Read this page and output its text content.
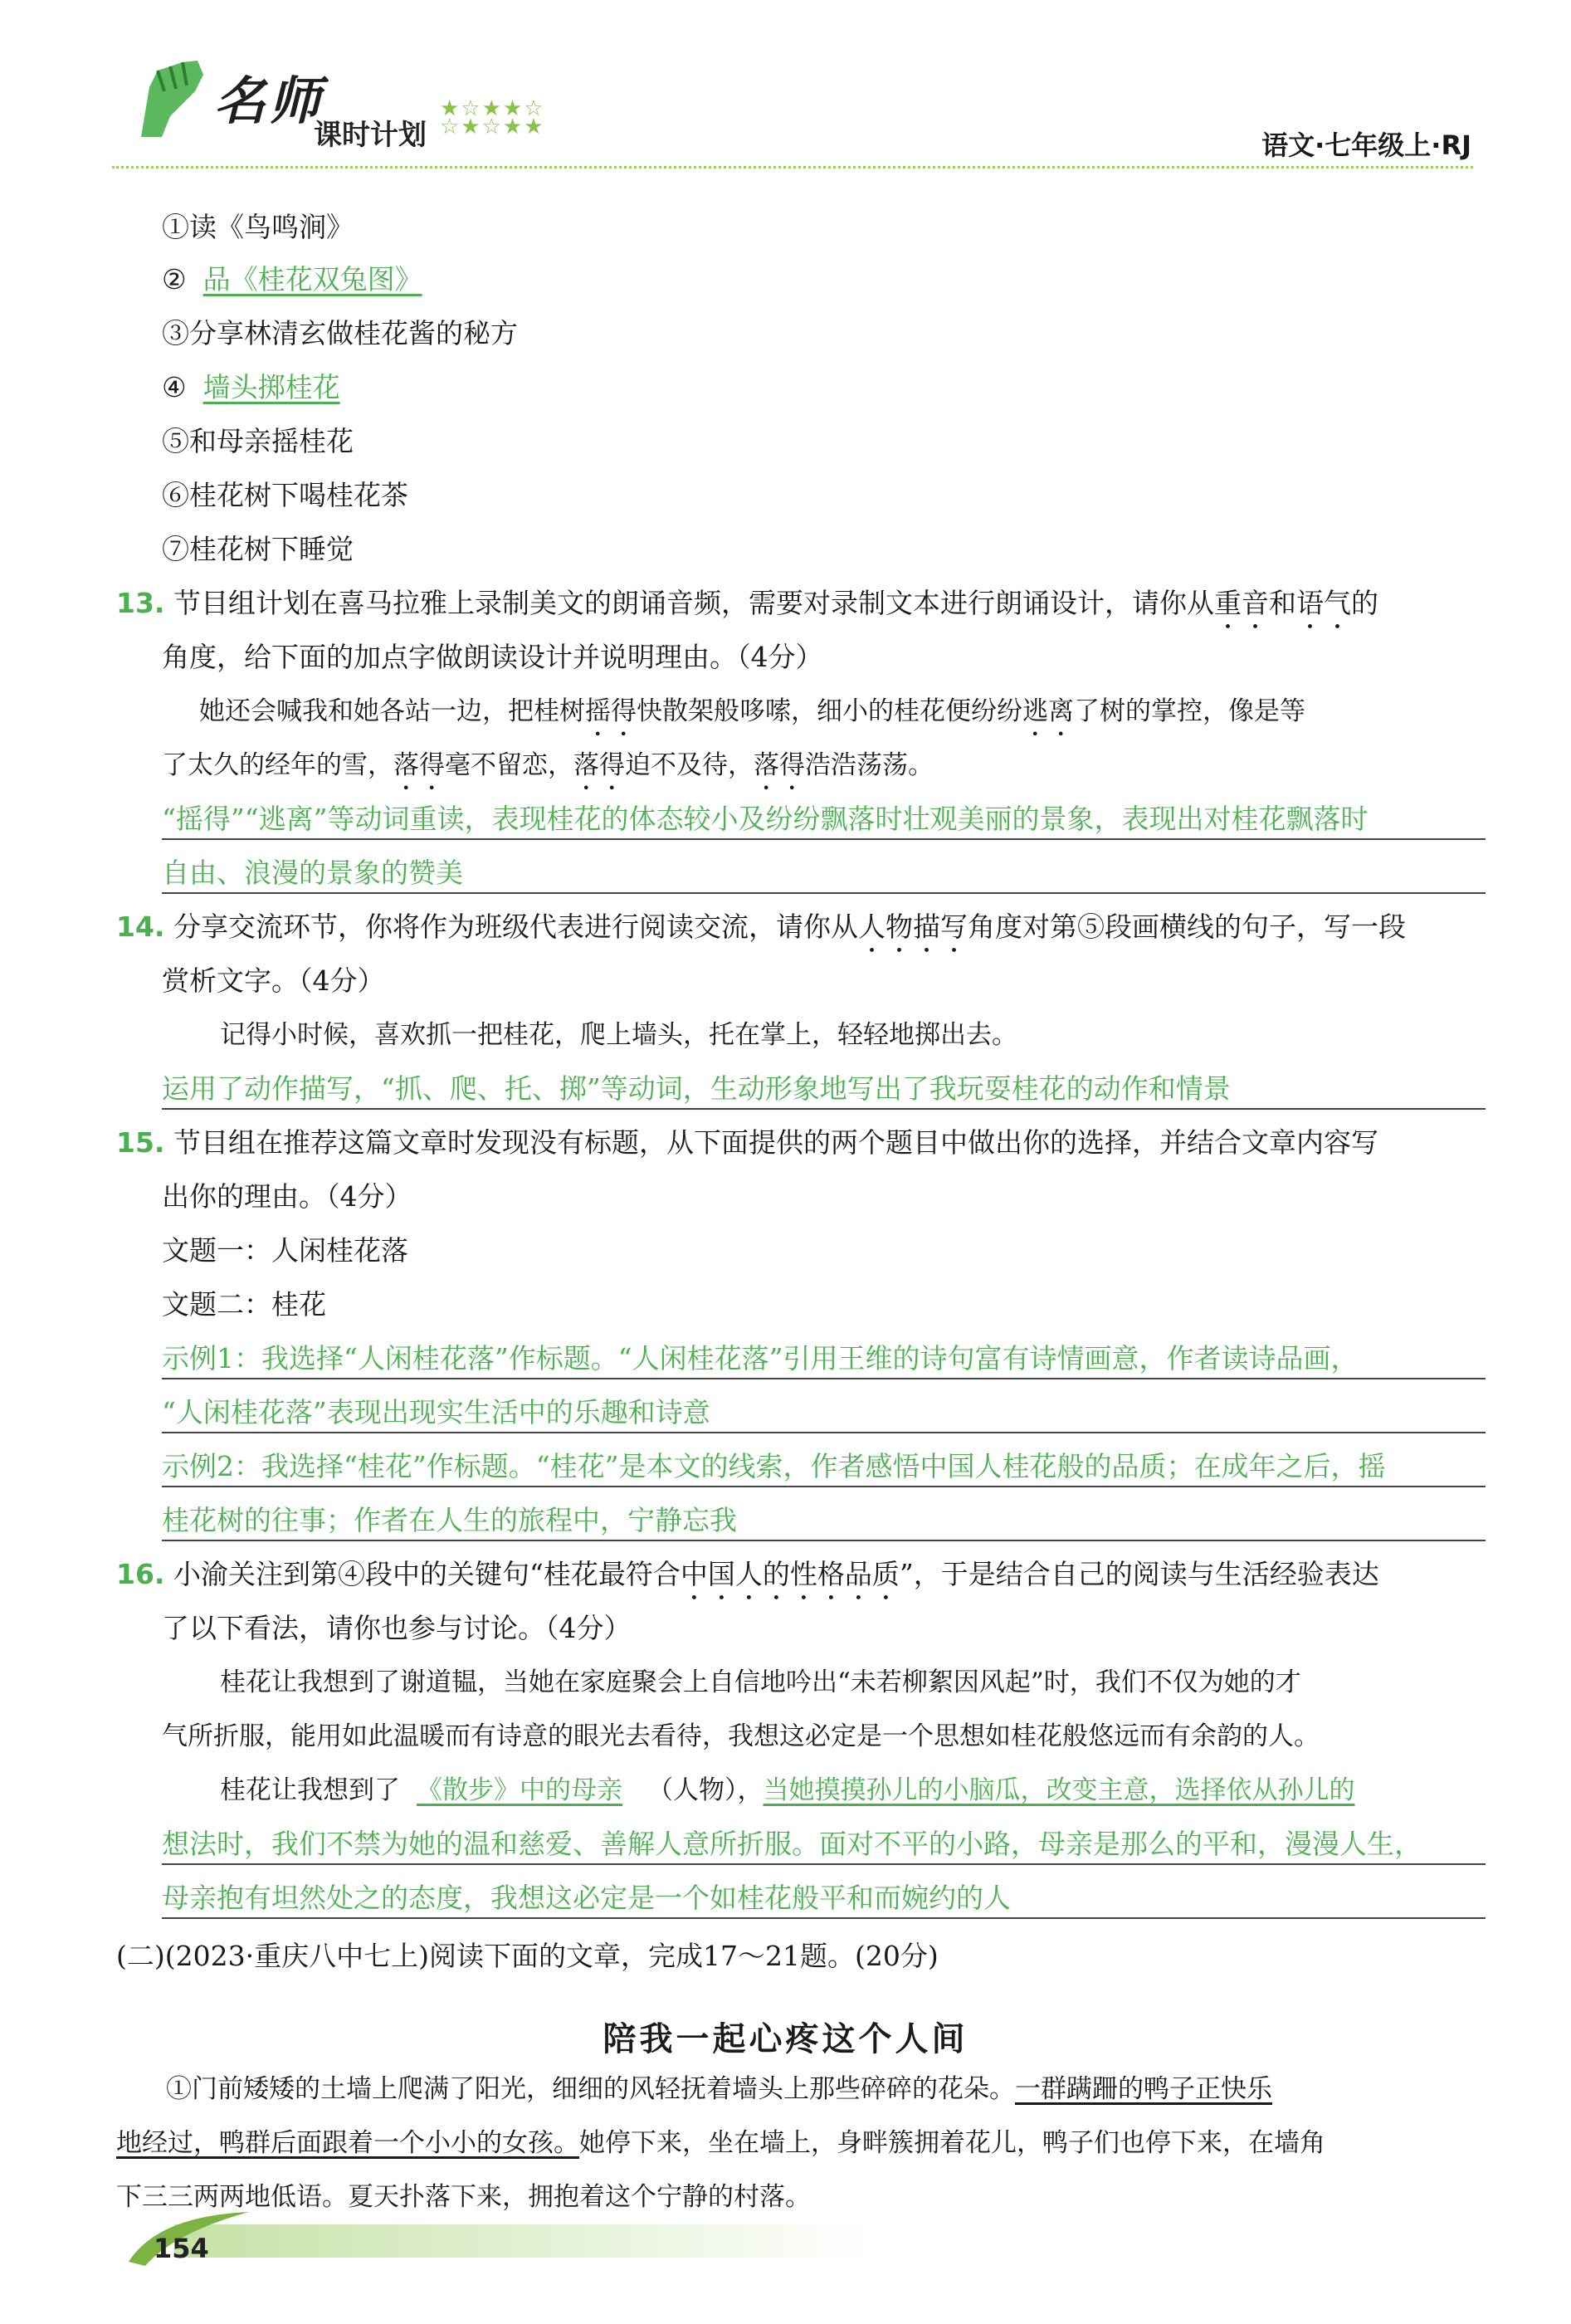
名师
课时计划
★☆★★☆
☆★☆★★
语文·七年级上·RJ
①读《鸟鸣涧》
② 品《桂花双兔图》
③分享林清玄做桂花酱的秘方
④ 墙头掷桂花
⑤和母亲摇桂花
⑥桂花树下喝桂花茶
⑦桂花树下睡觉
13. 节目组计划在喜马拉雅上录制美文的朗诵音频，需要对录制文本进行朗诵设计，请你从重音和语气的
角度，给下面的加点字做朗读设计并说明理由。（4分）
她还会喊我和她各站一边，把桂树摇得快散架般哆嗦，细小的桂花便纷纷逃离了树的掌控，像是等
了太久的经年的雪，落得毫不留恋，落得迫不及待，落得浩浩荡荡。
“摇得”“逃离”等动词重读，表现桂花的体态较小及纷纷飘落时壮观美丽的景象，表现出对桂花飘落时
自由、浪漫的景象的赞美
14. 分享交流环节，你将作为班级代表进行阅读交流，请你从人物描写角度对第⑤段画横线的句子，写一段
赏析文字。（4分）
记得小时候，喜欢抓一把桂花，爬上墙头，托在掌上，轻轻地掷出去。
运用了动作描写，“抓、爬、托、掷”等动词，生动形象地写出了我玩耍桂花的动作和情景
15. 节目组在推荐这篇文章时发现没有标题，从下面提供的两个题目中做出你的选择，并结合文章内容写
出你的理由。（4分）
文题一：人闲桂花落
文题二：桂花
示例1：我选择“人闲桂花落”作标题。“人闲桂花落”引用王维的诗句富有诗情画意，作者读诗品画，
“人闲桂花落”表现出现实生活中的乐趣和诗意
示例2：我选择“桂花”作标题。“桂花”是本文的线索，作者感悟中国人桂花般的品质；在成年之后，摇
桂花树的往事；作者在人生的旅程中，宁静忘我
16. 小渝关注到第④段中的关键句“桂花最符合中国人的性格品质”，于是结合自己的阅读与生活经验表达
了以下看法，请你也参与讨论。（4分）
桂花让我想到了谢道韫，当她在家庭聚会上自信地吟出“未若柳絮因风起”时，我们不仅为她的才
气所折服，能用如此温暖而有诗意的眼光去看待，我想这必定是一个思想如桂花般悠远而有余韵的人。
桂花让我想到了 《散步》中的母亲 （人物），当她摸摸孙儿的小脑瓜，改变主意，选择依从孙儿的
想法时，我们不禁为她的温和慈爱、善解人意所折服。面对不平的小路，母亲是那么的平和，漫漫人生，
母亲抱有坦然处之的态度，我想这必定是一个如桂花般平和而婉约的人
(二)(2023·重庆八中七上)阅读下面的文章，完成17～21题。(20分)
陪我一起心疼这个人间
①门前矮矮的土墙上爬满了阳光，细细的风轻抚着墙头上那些碎碎的花朵。一群蹒跚的鸭子正快乐
地经过，鸭群后面跟着一个小小的女孩。她停下来，坐在墙上，身畔簇拥着花儿，鸭子们也停下来，在墙角
下三三两两地低语。夏天扑落下来，拥抱着这个宁静的村落。
154
